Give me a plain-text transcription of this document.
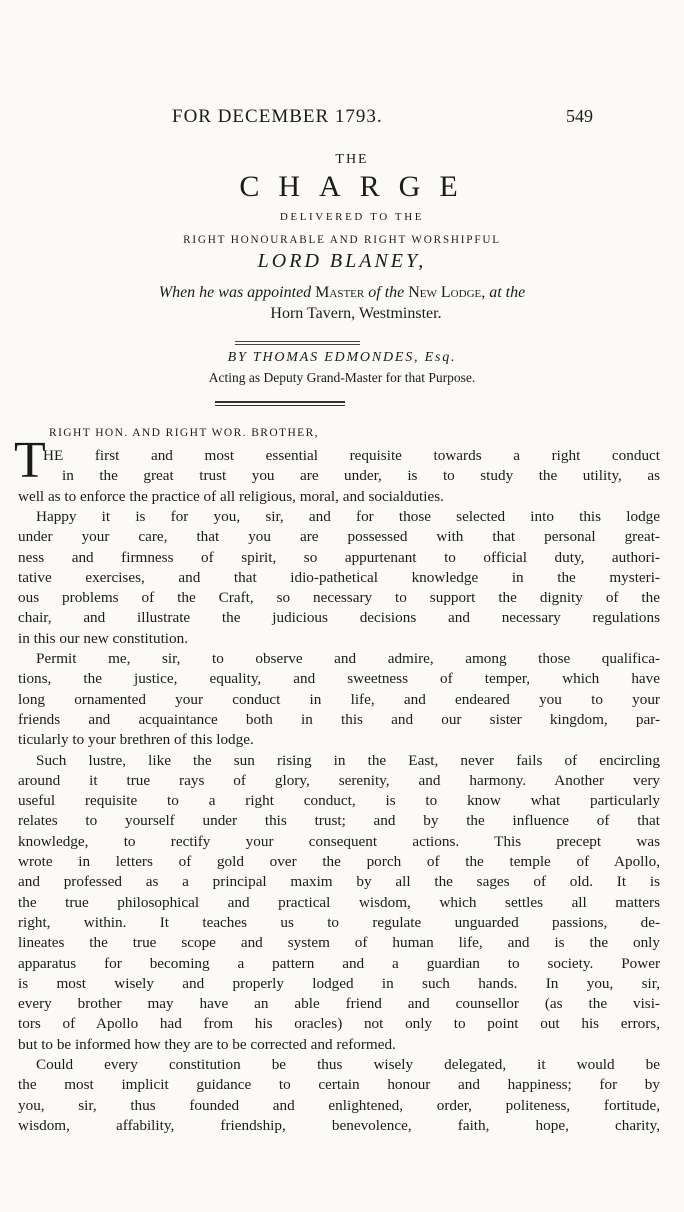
FOR DECEMBER 1793.	549
THE
CHARGE
DELIVERED TO THE
RIGHT HONOURABLE AND RIGHT WORSHIPFUL
LORD BLANEY,
When he was appointed Master of the New Lodge, at the
Horn Tavern, Westminster.
BY THOMAS EDMONDES, Esq.
Acting as Deputy Grand-Master for that Purpose.
RIGHT HON. AND RIGHT WOR. BROTHER,
T
HE first and most essential requisite towards a right conduct
in the great trust you are under, is to study the utility, as
well as to enforce the practice of all religious, moral, and socialduties.
Happy it is for you, sir, and for those selected into this lodge
under your care, that you are possessed with that personal great-
ness and firmness of spirit, so appurtenant to official duty, authori-
tative exercises, and that idio-pathetical knowledge in the mysteri-
ous problems of the Craft, so necessary to support the dignity of the
chair, and illustrate the judicious decisions and necessary regulations
in this our new constitution.
Permit me, sir, to observe and admire, among those qualifica-
tions, the justice, equality, and sweetness of temper, which have
long ornamented your conduct in life, and endeared you to your
friends and acquaintance both in this and our sister kingdom, par-
ticularly to your brethren of this lodge.
Such lustre, like the sun rising in the East, never fails of encircling
around it true rays of glory, serenity, and harmony. Another very
useful requisite to a right conduct, is to know what particularly
relates to yourself under this trust; and by the influence of that
knowledge, to rectify your consequent actions. This precept was
wrote in letters of gold over the porch of the temple of Apollo,
and professed as a principal maxim by all the sages of old. It is
the true philosophical and practical wisdom, which settles all matters
right, within. It teaches us to regulate unguarded passions, de-
lineates the true scope and system of human life, and is the only
apparatus for becoming a pattern and a guardian to society. Power
is most wisely and properly lodged in such hands. In you, sir,
every brother may have an able friend and counsellor (as the visi-
tors of Apollo had from his oracles) not only to point out his errors,
but to be informed how they are to be corrected and reformed.
Could every constitution be thus wisely delegated, it would be
the most implicit guidance to certain honour and happiness; for by
you, sir, thus founded and enlightened, order, politeness, fortitude,
wisdom, affability, friendship, benevolence, faith, hope, charity,
